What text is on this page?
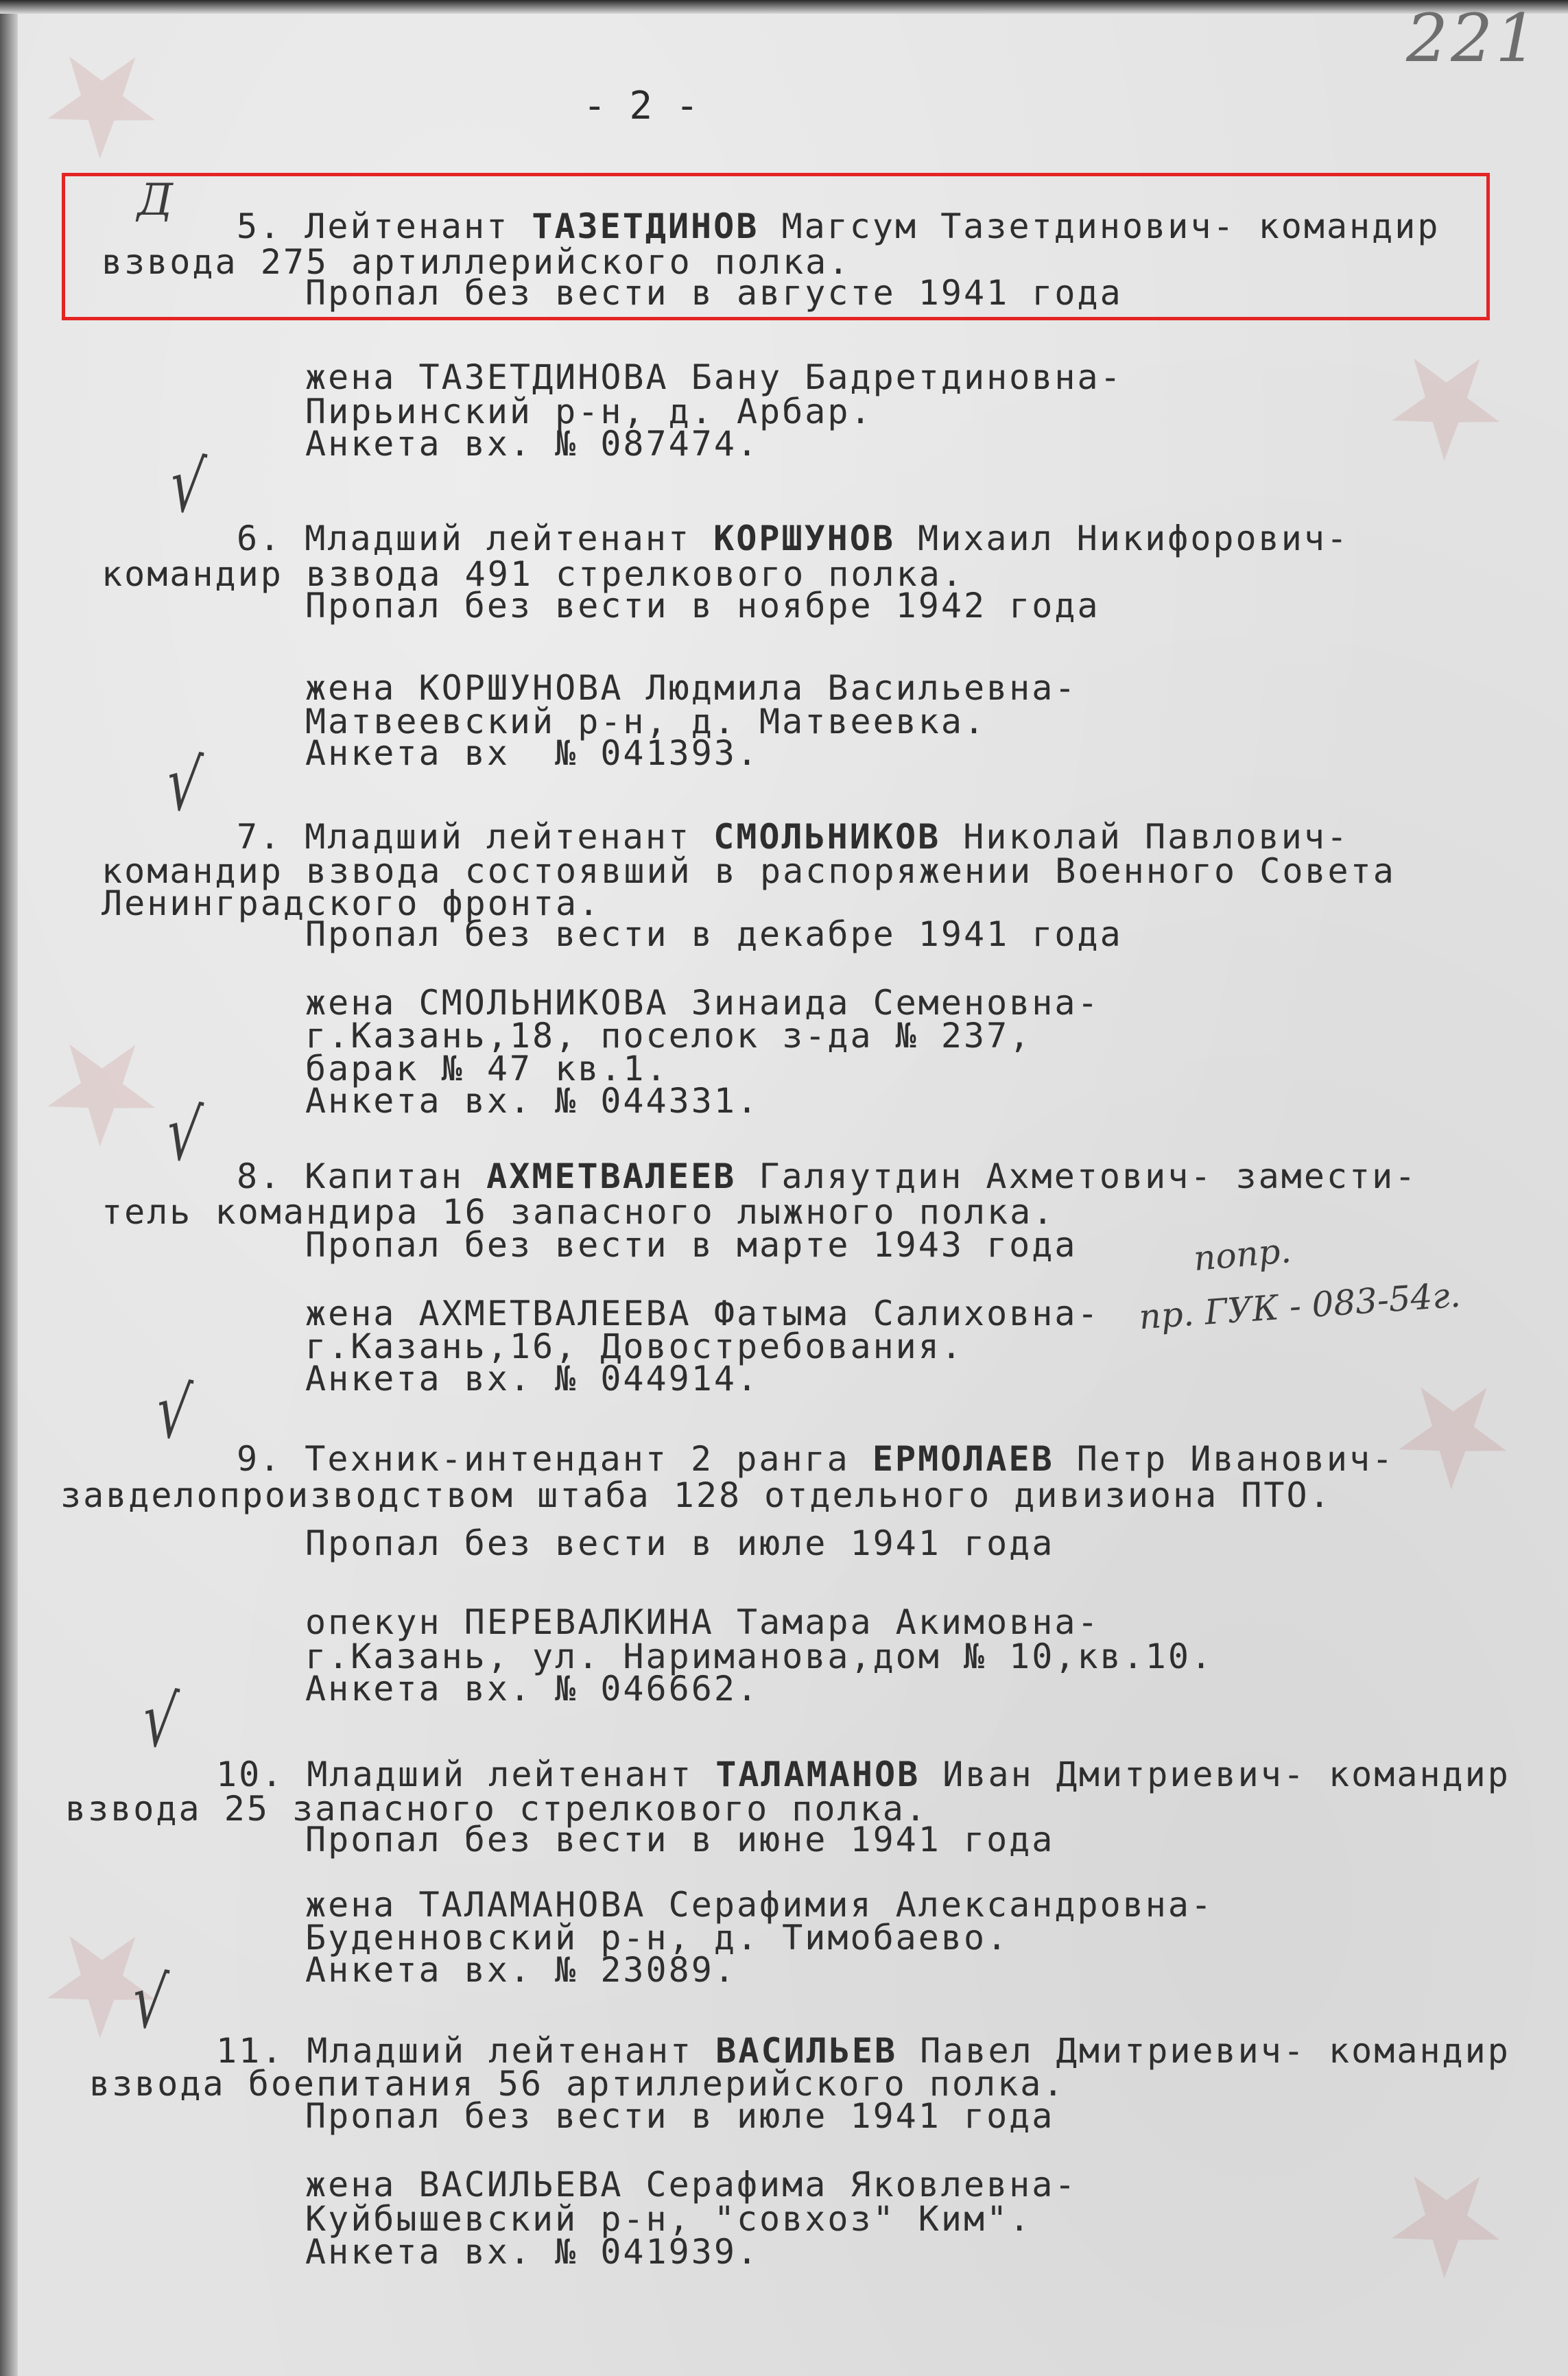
221
- 2 -
5. Лейтенант ТАЗЕТДИНОВ Магсум Тазетдинович- командир
взвода 275 артиллерийского полка.
Пропал без вести в августе 1941 года
жена ТАЗЕТДИНОВА Бану Бадретдиновна-
Пирьинский р-н, д. Арбар.
Анкета вх. № 087474.
6. Младший лейтенант КОРШУНОВ Михаил Никифорович-
командир взвода 491 стрелкового полка.
Пропал без вести в ноябре 1942 года
жена КОРШУНОВА Людмила Васильевна-
Матвеевский р-н, д. Матвеевка.
Анкета вх  № 041393.
7. Младший лейтенант СМОЛЬНИКОВ Николай Павлович-
командир взвода состоявший в распоряжении Военного Совета
Ленинградского фронта.
Пропал без вести в декабре 1941 года
жена СМОЛЬНИКОВА Зинаида Семеновна-
г.Казань,18, поселок з-да № 237,
барак № 47 кв.1.
Анкета вх. № 044331.
8. Капитан АХМЕТВАЛЕЕВ Галяутдин Ахметович- замести-
тель командира 16 запасного лыжного полка.
Пропал без вести в марте 1943 года
жена АХМЕТВАЛЕЕВА Фатыма Салиховна-
г.Казань,16, Довостребования.
Анкета вх. № 044914.
9. Техник-интендант 2 ранга ЕРМОЛАЕВ Петр Иванович-
завделопроизводством штаба 128 отдельного дивизиона ПТО.
Пропал без вести в июле 1941 года
опекун ПЕРЕВАЛКИНА Тамара Акимовна-
г.Казань, ул. Нариманова,дом № 10,кв.10.
Анкета вх. № 046662.
10. Младший лейтенант ТАЛАМАНОВ Иван Дмитриевич- командир
взвода 25 запасного стрелкового полка.
Пропал без вести в июне 1941 года
жена ТАЛАМАНОВА Серафимия Александровна-
Буденновский р-н, д. Тимобаево.
Анкета вх. № 23089.
11. Младший лейтенант ВАСИЛЬЕВ Павел Дмитриевич- командир
взвода боепитания 56 артиллерийского полка.
Пропал без вести в июле 1941 года
жена ВАСИЛЬЕВА Серафима Яковлевна-
Куйбышевский р-н, "совхоз" Ким".
Анкета вх. № 041939.
Д
√
√
√
√
√
√
попр.
пр. ГУК - 083-54г.
